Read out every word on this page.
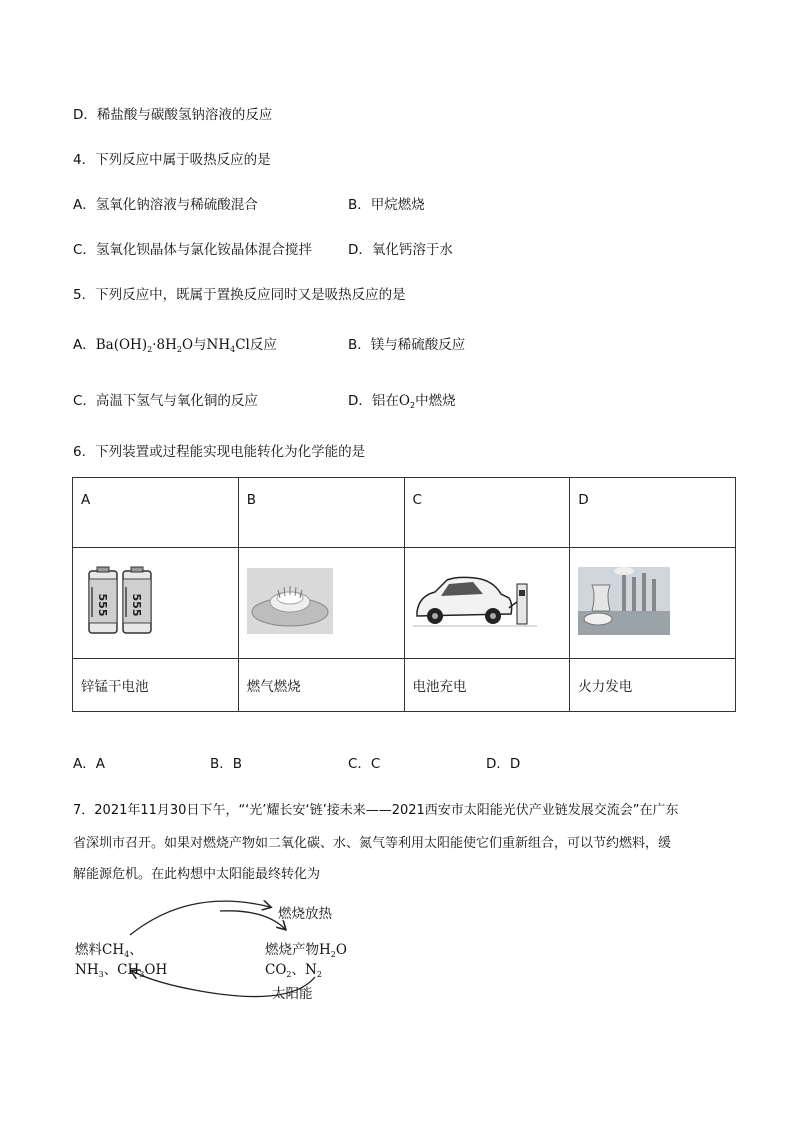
D．稀盐酸与碳酸氢钠溶液的反应
4．下列反应中属于吸热反应的是
A．氢氧化钠溶液与稀硫酸混合	B．甲烷燃烧
C．氢氧化钡晶体与氯化铵晶体混合搅拌	D．氧化钙溶于水
5．下列反应中，既属于置换反应同时又是吸热反应的是
A．$Ba(OH)_2\cdot 8H_2O$与$NH_4Cl$反应	B．镁与稀硫酸反应
C．高温下氢气与氧化铜的反应	D．铝在$O_2$中燃烧
6．下列装置或过程能实现电能转化为化学能的是
A	B	C	D

555 555

锌锰干电池	燃气燃烧	电池充电	火力发电
A．A	B．B	C．C	D．D
7．2021年11月30日下午，“‘光’耀长安‘链’接未来——2021西安市太阳能光伏产业链发展交流会”在广东
省深圳市召开。如果对燃烧产物如二氧化碳、水、氮气等利用太阳能使它们重新组合，可以节约燃料，缓
解能源危机。在此构想中太阳能最终转化为
燃烧放热
燃料$CH_4$、
$NH_3$、$CH_3OH$
燃烧产物$H_2O$
$CO_2$、$N_2$
太阳能
